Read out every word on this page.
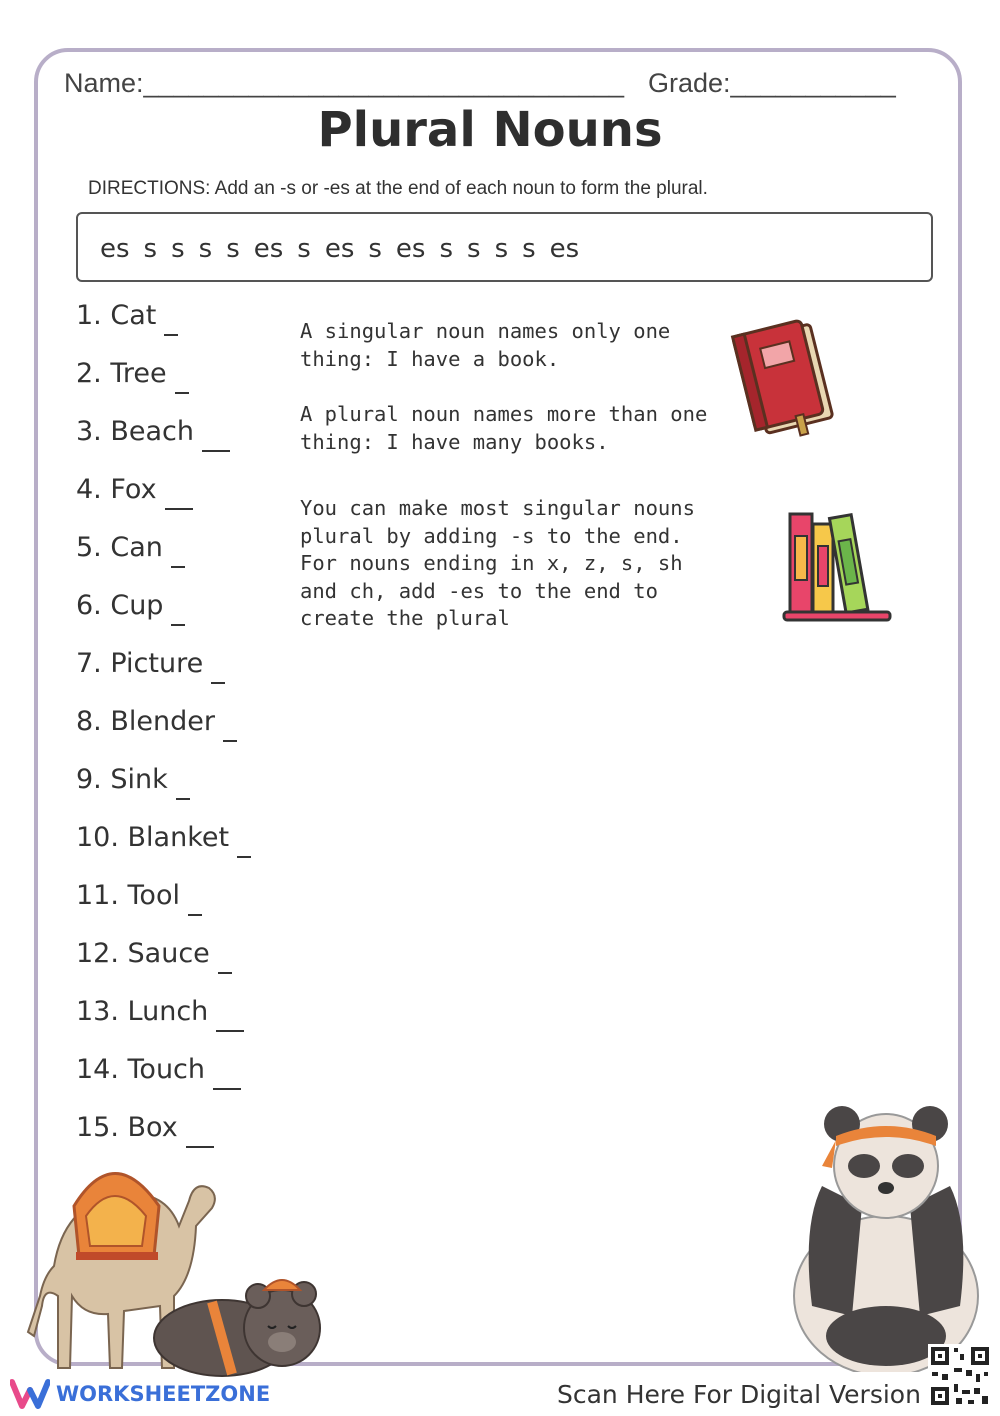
Name:________________________________ Grade:___________
Plural Nouns
DIRECTIONS: Add an -s or -es at the end of each noun to form the plural.
es s s s s es s es s es s s s s es
1. Cat
2. Tree
3. Beach
4. Fox
5. Can
6. Cup
7. Picture
8. Blender
9. Sink
10. Blanket
11. Tool
12. Sauce
13. Lunch
14. Touch
15. Box
A singular noun names only one thing: I have a book.
A plural noun names more than one thing: I have many books.
You can make most singular nouns plural by adding -s to the end. For nouns ending in x, z, s, sh and ch, add -es to the end to create the plural
WORKSHEETZONE	Scan Here For Digital Version
